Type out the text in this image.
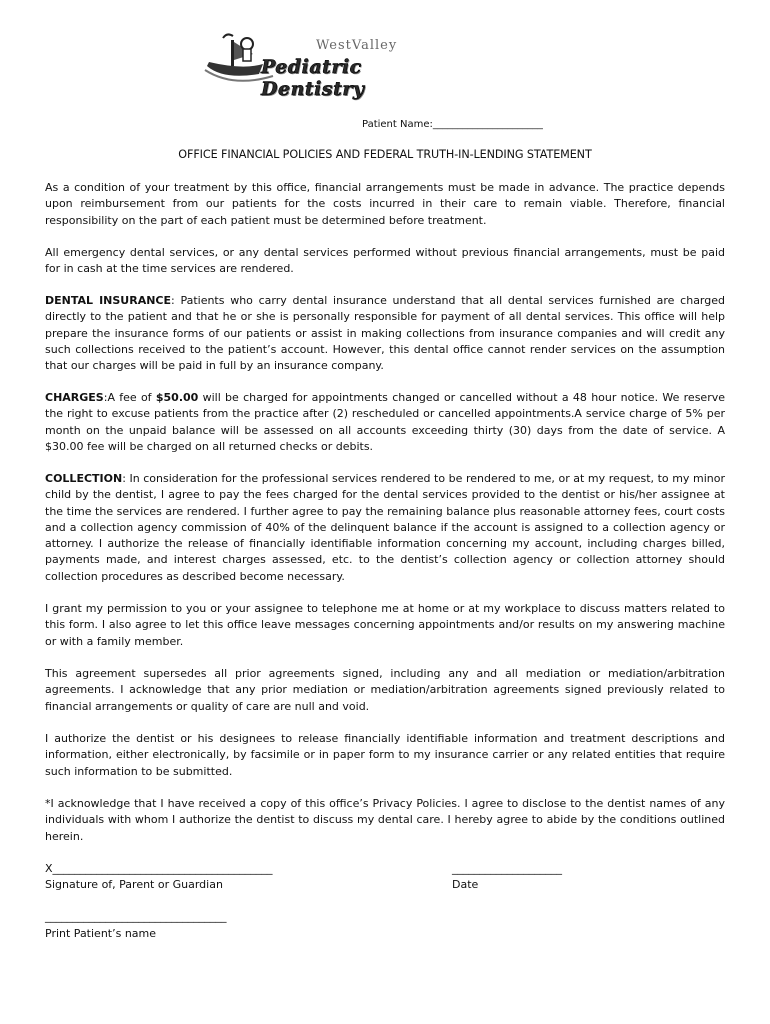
WestValley
Pediatric Dentistry
Patient Name:______________________
OFFICE FINANCIAL POLICIES AND FEDERAL TRUTH-IN-LENDING STATEMENT

As a condition of your treatment by this office, financial arrangements must be made in advance. The practice depends upon reimbursement from our patients for the costs incurred in their care to remain viable. Therefore, financial responsibility on the part of each patient must be determined before treatment.

All emergency dental services, or any dental services performed without previous financial arrangements, must be paid for in cash at the time services are rendered.

DENTAL INSURANCE: Patients who carry dental insurance understand that all dental services furnished are charged directly to the patient and that he or she is personally responsible for payment of all dental services. This office will help prepare the insurance forms of our patients or assist in making collections from insurance companies and will credit any such collections received to the patient’s account. However, this dental office cannot render services on the assumption that our charges will be paid in full by an insurance company.

CHARGES:A fee of $50.00 will be charged for appointments changed or cancelled without a 48 hour notice. We reserve the right to excuse patients from the practice after (2) rescheduled or cancelled appointments.A service charge of 5% per month on the unpaid balance will be assessed on all accounts exceeding thirty (30) days from the date of service. A $30.00 fee will be charged on all returned checks or debits.

COLLECTION: In consideration for the professional services rendered to be rendered to me, or at my request, to my minor child by the dentist, I agree to pay the fees charged for the dental services provided to the dentist or his/her assignee at the time the services are rendered. I further agree to pay the remaining balance plus reasonable attorney fees, court costs and a collection agency commission of 40% of the delinquent balance if the account is assigned to a collection agency or attorney. I authorize the release of financially identifiable information concerning my account, including charges billed, payments made, and interest charges assessed, etc. to the dentist’s collection agency or collection attorney should collection procedures as described become necessary.

I grant my permission to you or your assignee to telephone me at home or at my workplace to discuss matters related to this form. I also agree to let this office leave messages concerning appointments and/or results on my answering machine or with a family member.

This agreement supersedes all prior agreements signed, including any and all mediation or mediation/arbitration agreements. I acknowledge that any prior mediation or mediation/arbitration agreements signed previously related to financial arrangements or quality of care are null and void.

I authorize the dentist or his designees to release financially identifiable information and treatment descriptions and information, either electronically, by facsimile or in paper form to my insurance carrier or any related entities that require such information to be submitted.

*I acknowledge that I have received a copy of this office’s Privacy Policies. I agree to disclose to the dentist names of any individuals with whom I authorize the dentist to discuss my dental care. I hereby agree to abide by the conditions outlined herein.

X________________________________________
Signature of, Parent or Guardian
____________________
Date
_________________________________
Print Patient’s name
